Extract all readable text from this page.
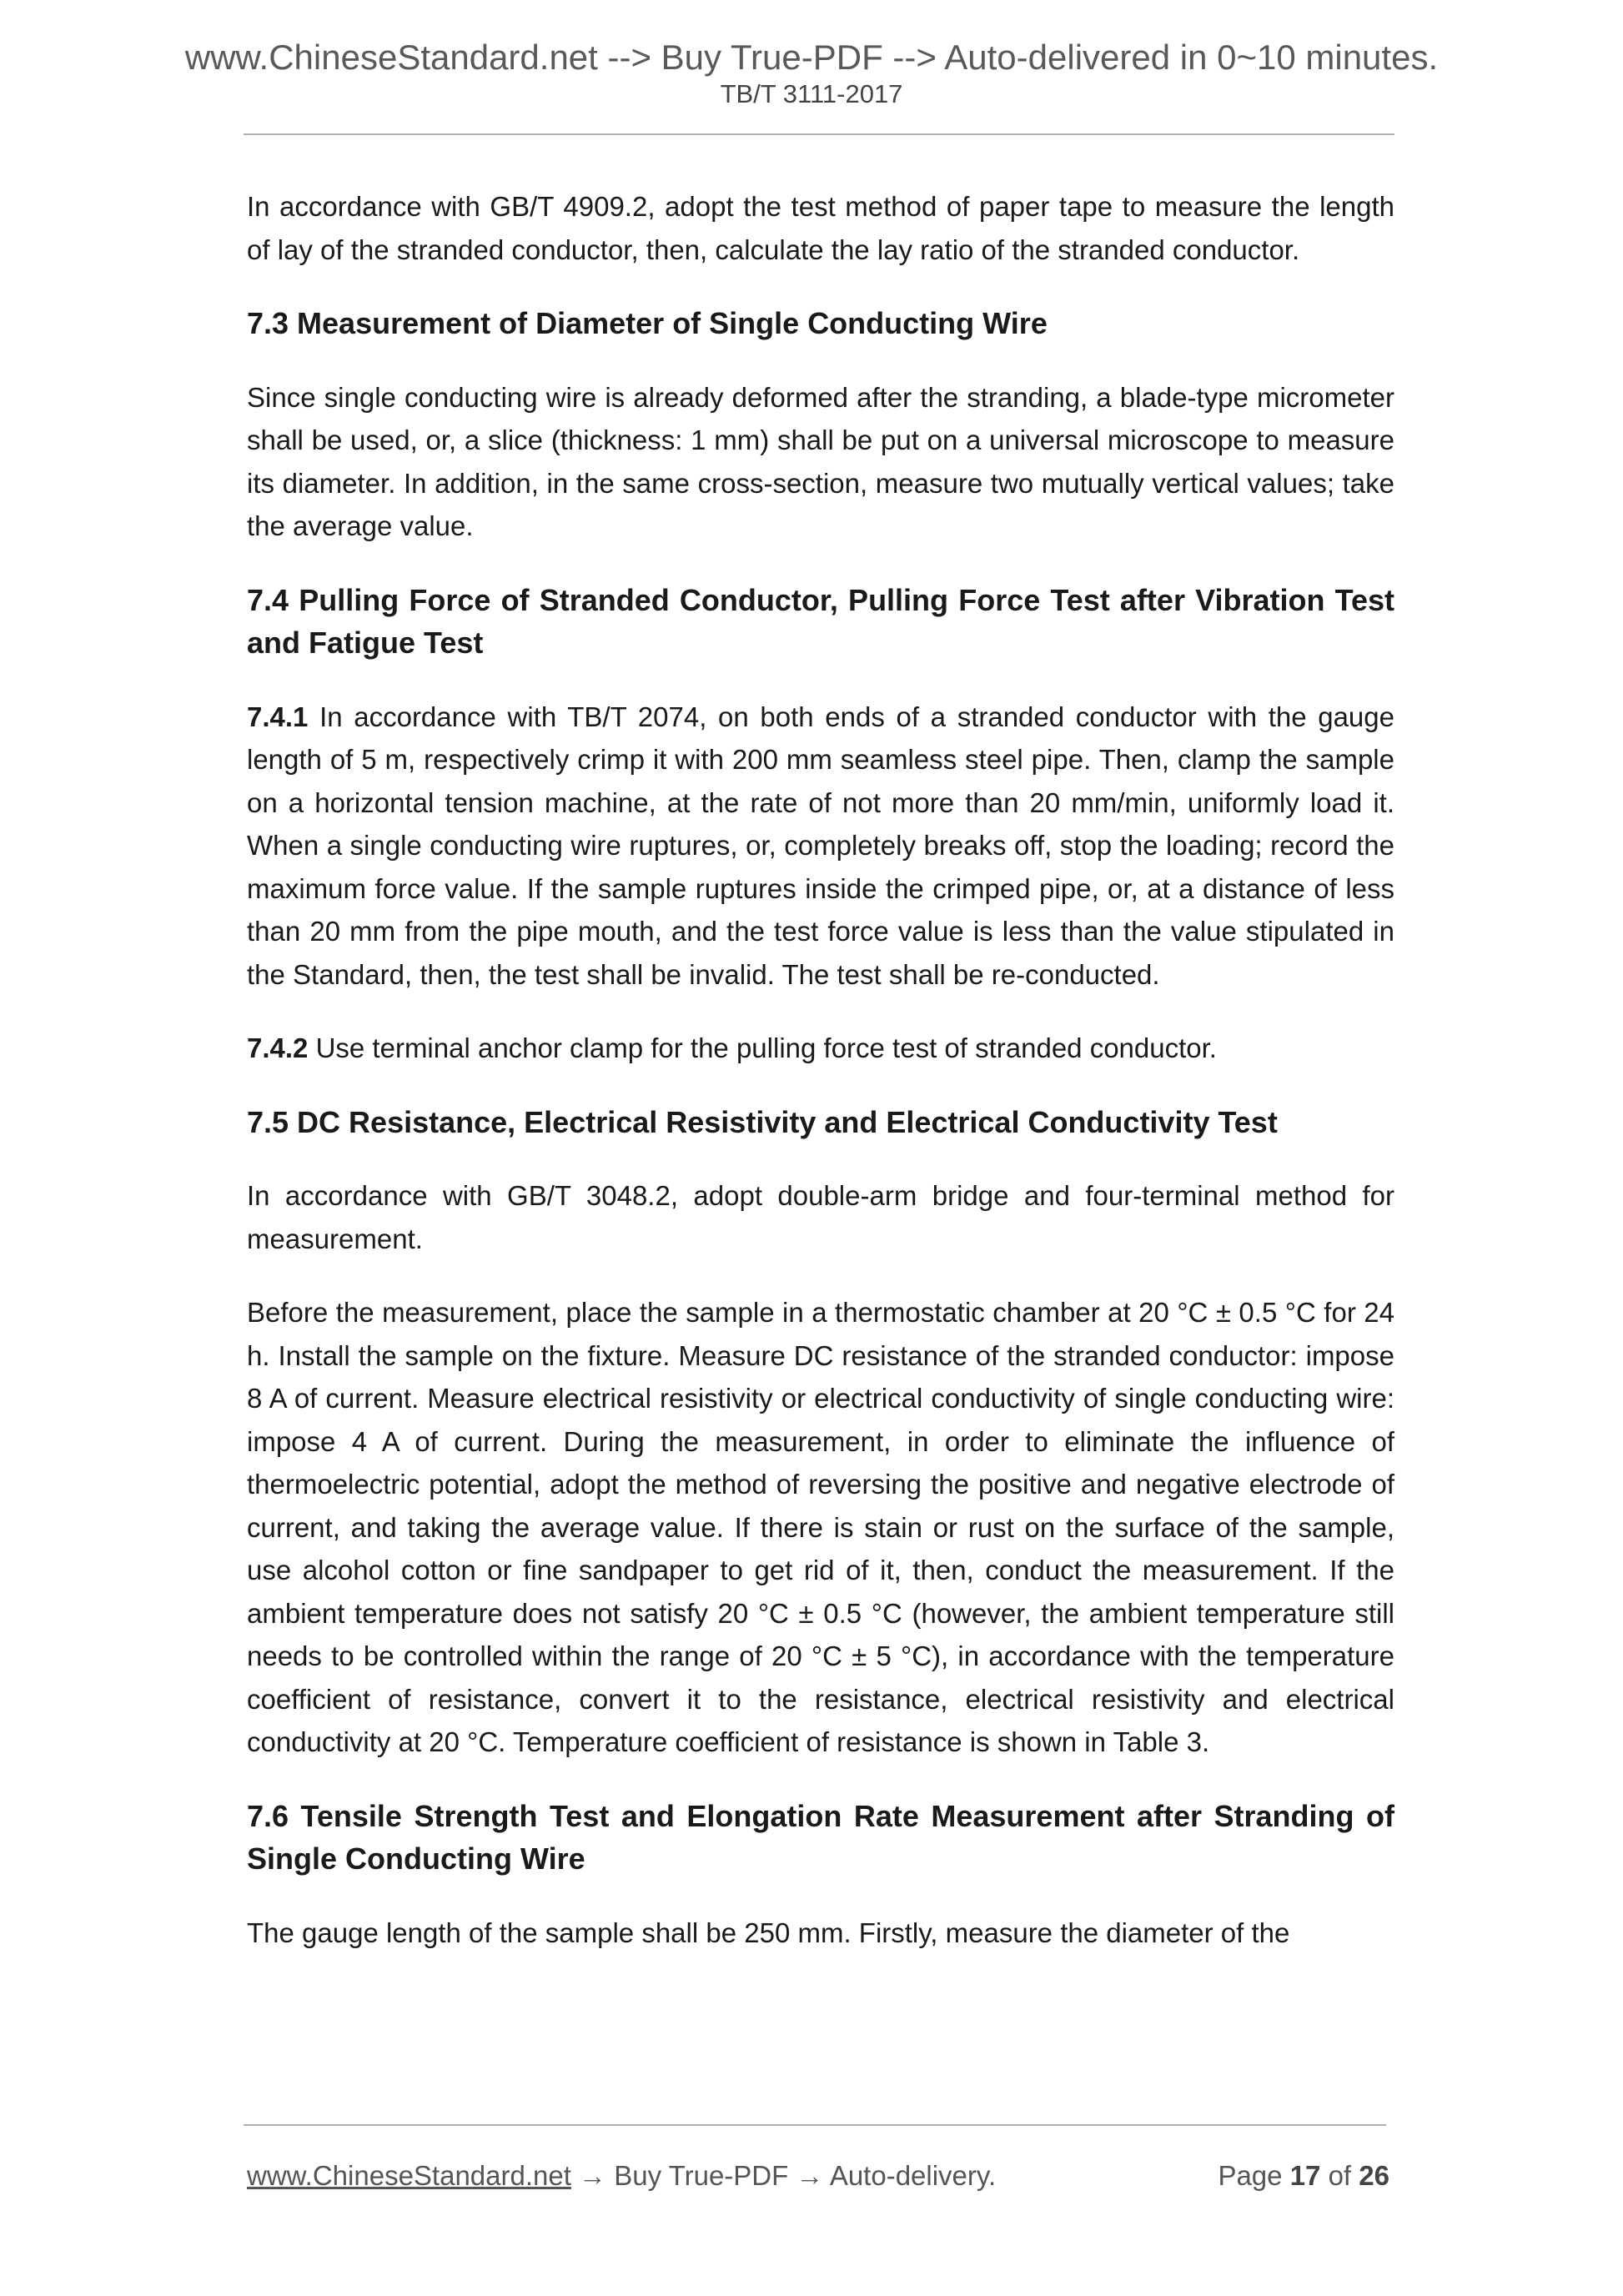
www.ChineseStandard.net --> Buy True-PDF --> Auto-delivered in 0~10 minutes.
TB/T 3111-2017

In accordance with GB/T 4909.2, adopt the test method of paper tape to measure the length of lay of the stranded conductor, then, calculate the lay ratio of the stranded conductor.

7.3 Measurement of Diameter of Single Conducting Wire

Since single conducting wire is already deformed after the stranding, a blade-type micrometer shall be used, or, a slice (thickness: 1 mm) shall be put on a universal microscope to measure its diameter. In addition, in the same cross-section, measure two mutually vertical values; take the average value.

7.4 Pulling Force of Stranded Conductor, Pulling Force Test after Vibration Test and Fatigue Test

7.4.1 In accordance with TB/T 2074, on both ends of a stranded conductor with the gauge length of 5 m, respectively crimp it with 200 mm seamless steel pipe. Then, clamp the sample on a horizontal tension machine, at the rate of not more than 20 mm/min, uniformly load it. When a single conducting wire ruptures, or, completely breaks off, stop the loading; record the maximum force value. If the sample ruptures inside the crimped pipe, or, at a distance of less than 20 mm from the pipe mouth, and the test force value is less than the value stipulated in the Standard, then, the test shall be invalid. The test shall be re-conducted.

7.4.2 Use terminal anchor clamp for the pulling force test of stranded conductor.

7.5 DC Resistance, Electrical Resistivity and Electrical Conductivity Test

In accordance with GB/T 3048.2, adopt double-arm bridge and four-terminal method for measurement.

Before the measurement, place the sample in a thermostatic chamber at 20 °C ± 0.5 °C for 24 h. Install the sample on the fixture. Measure DC resistance of the stranded conductor: impose 8 A of current. Measure electrical resistivity or electrical conductivity of single conducting wire: impose 4 A of current. During the measurement, in order to eliminate the influence of thermoelectric potential, adopt the method of reversing the positive and negative electrode of current, and taking the average value. If there is stain or rust on the surface of the sample, use alcohol cotton or fine sandpaper to get rid of it, then, conduct the measurement. If the ambient temperature does not satisfy 20 °C ± 0.5 °C (however, the ambient temperature still needs to be controlled within the range of 20 °C ± 5 °C), in accordance with the temperature coefficient of resistance, convert it to the resistance, electrical resistivity and electrical conductivity at 20 °C. Temperature coefficient of resistance is shown in Table 3.

7.6 Tensile Strength Test and Elongation Rate Measurement after Stranding of Single Conducting Wire

The gauge length of the sample shall be 250 mm. Firstly, measure the diameter of the

www.ChineseStandard.net → Buy True-PDF → Auto-delivery.	Page 17 of 26
